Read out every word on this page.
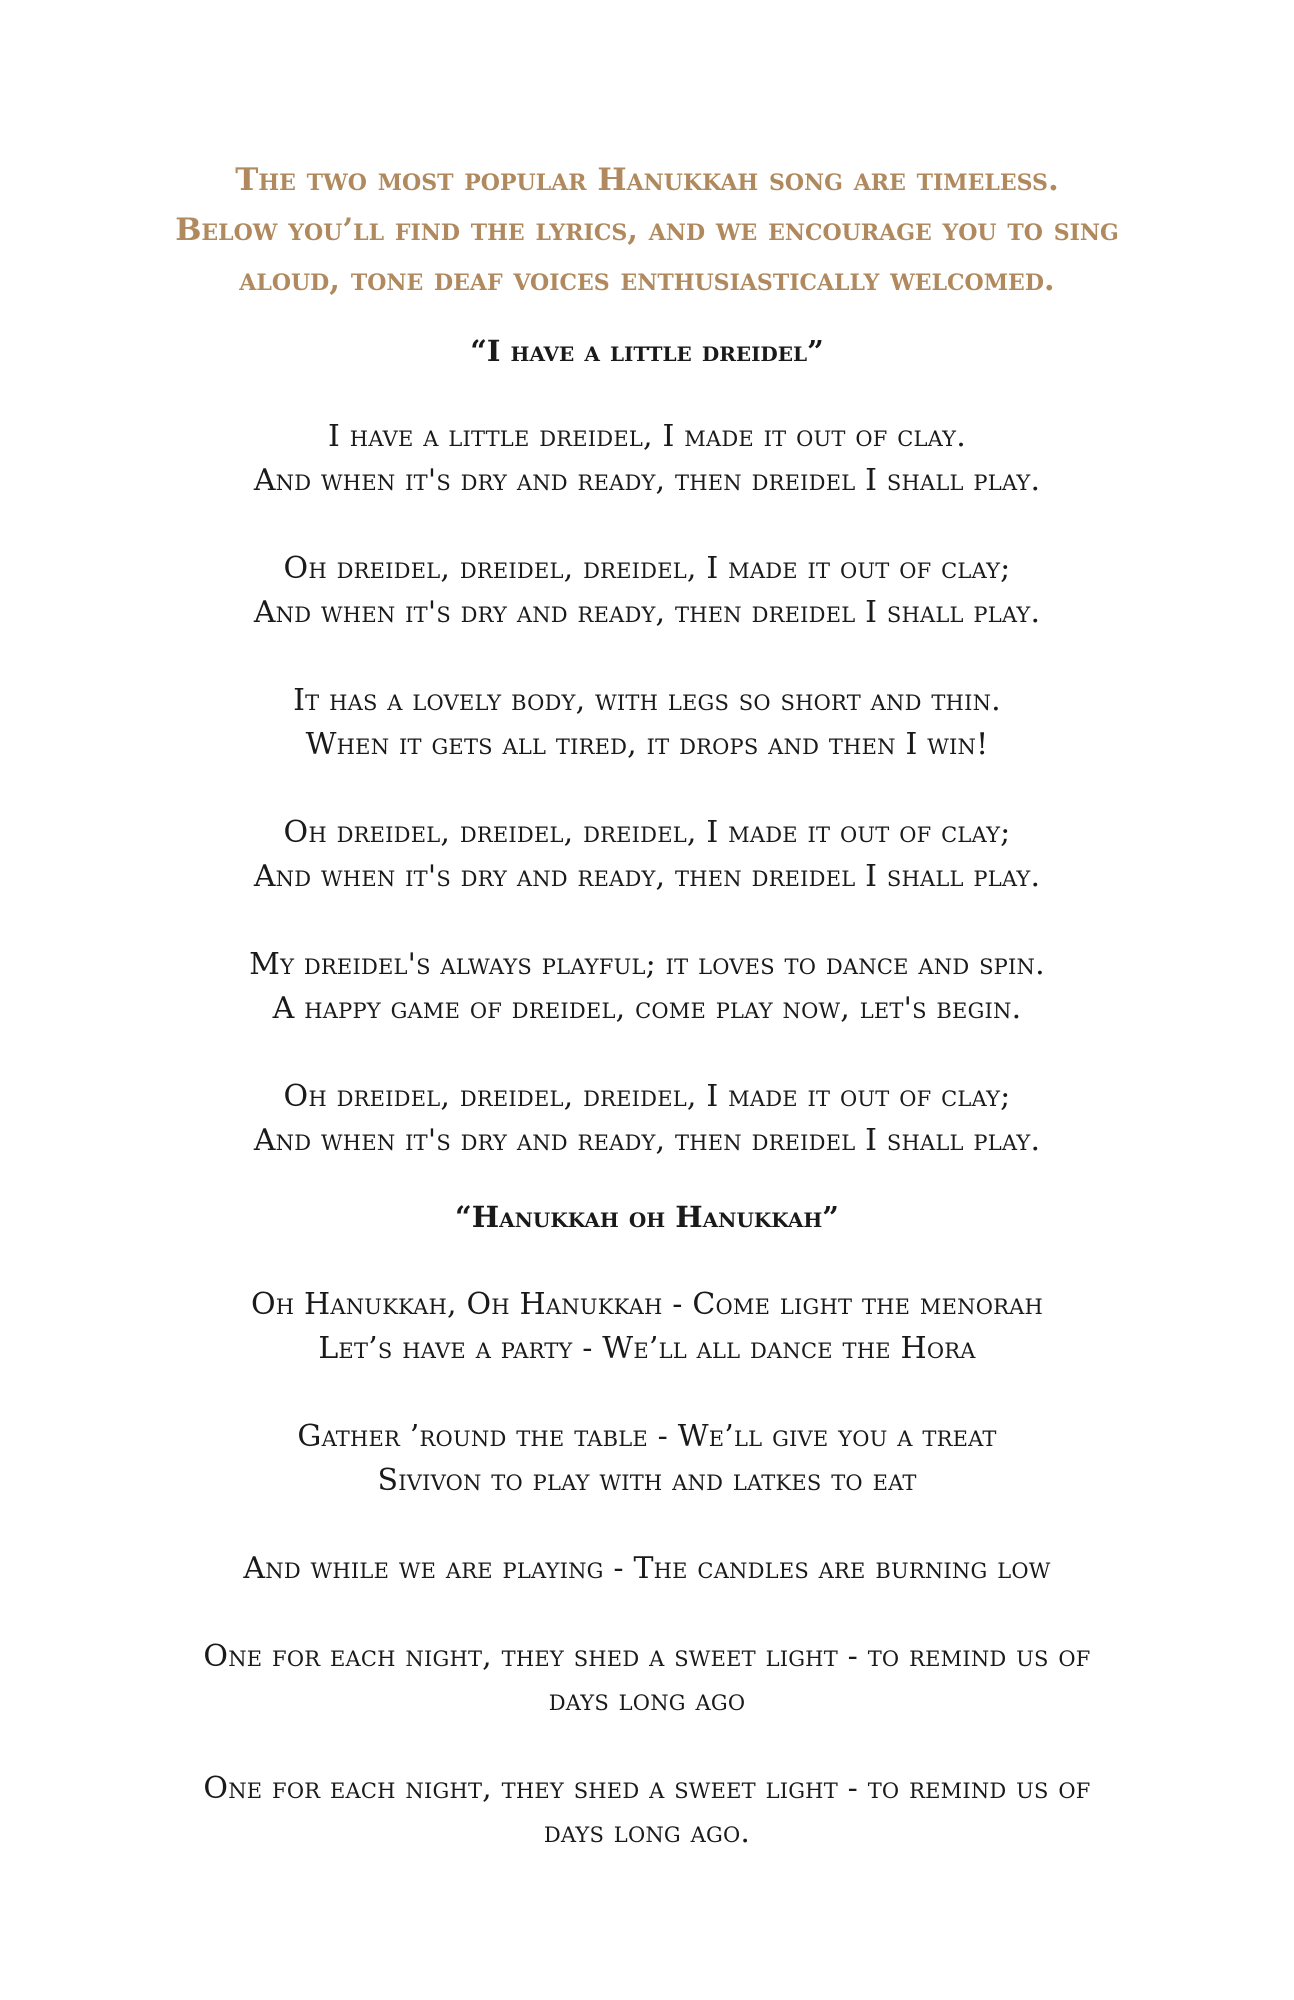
The two most popular Hanukkah song are timeless.

Below you’ll find the lyrics, and we encourage you to sing

aloud, tone deaf voices enthusiastically welcomed.

“I have a little dreidel”

I have a little dreidel, I made it out of clay.

And when it's dry and ready, then dreidel I shall play.

Oh dreidel, dreidel, dreidel, I made it out of clay;

And when it's dry and ready, then dreidel I shall play.

It has a lovely body, with legs so short and thin.

When it gets all tired, it drops and then I win!

Oh dreidel, dreidel, dreidel, I made it out of clay;

And when it's dry and ready, then dreidel I shall play.

My dreidel's always playful; it loves to dance and spin.

A happy game of dreidel, come play now, let's begin.

Oh dreidel, dreidel, dreidel, I made it out of clay;

And when it's dry and ready, then dreidel I shall play.

“Hanukkah oh Hanukkah”

Oh Hanukkah, Oh Hanukkah - Come light the menorah

Let’s have a party - We’ll all dance the Hora

Gather ’round the table - We’ll give you a treat

Sivivon to play with and latkes to eat

And while we are playing - The candles are burning low

One for each night, they shed a sweet light - to remind us of

days long ago

One for each night, they shed a sweet light - to remind us of

days long ago.
